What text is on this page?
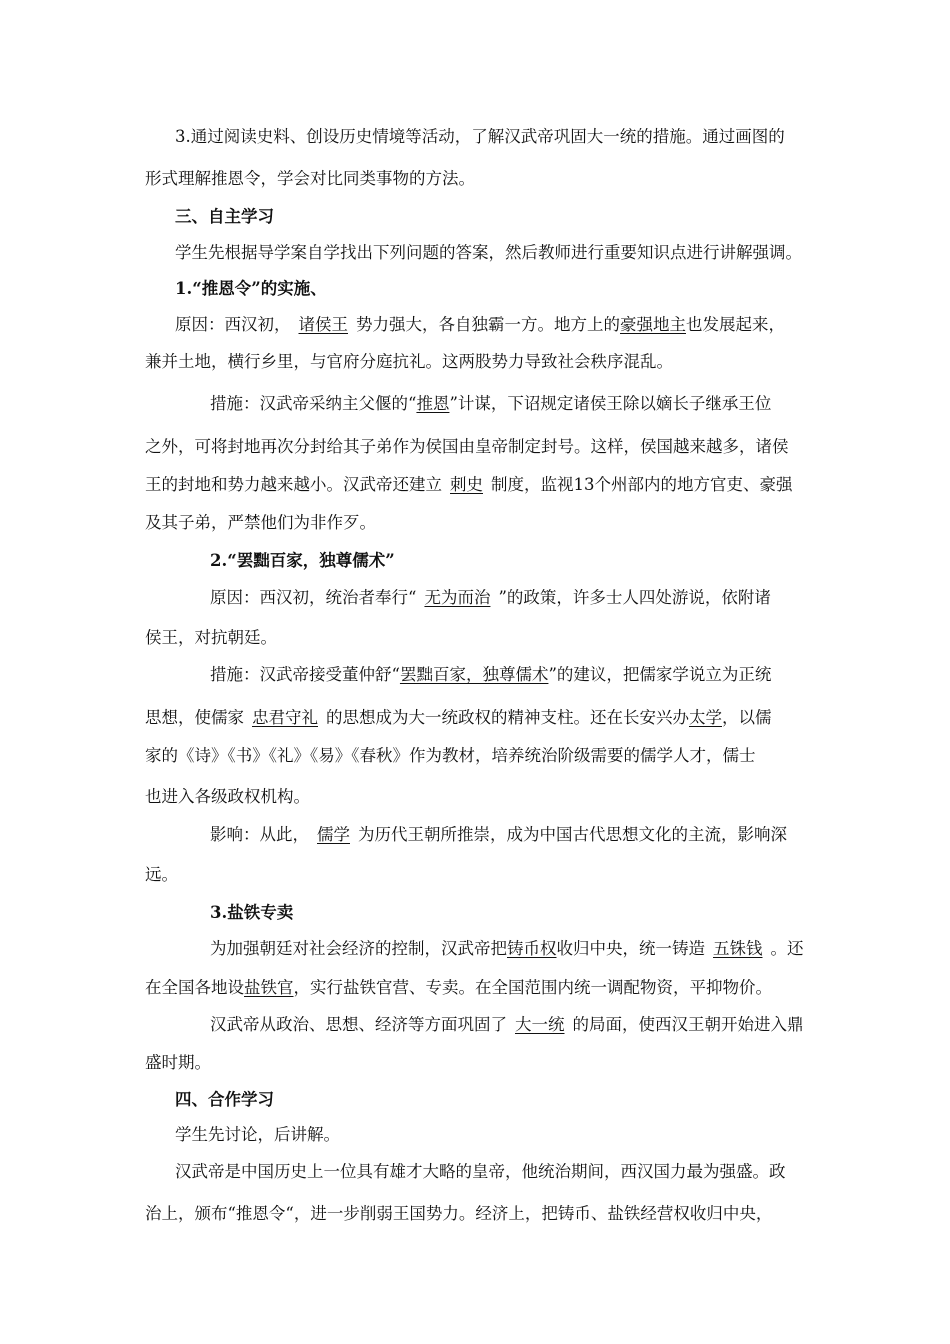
3.通过阅读史料、创设历史情境等活动，了解汉武帝巩固大一统的措施。通过画图的
形式理解推恩令，学会对比同类事物的方法。
三、自主学习
学生先根据导学案自学找出下列问题的答案，然后教师进行重要知识点进行讲解强调。
1.“推恩令”的实施、
原因：西汉初， 诸侯王 势力强大，各自独霸一方。地方上的豪强地主也发展起来，
兼并土地，横行乡里，与官府分庭抗礼。这两股势力导致社会秩序混乱。
措施：汉武帝采纳主父偃的“推恩”计谋，下诏规定诸侯王除以嫡长子继承王位
之外，可将封地再次分封给其子弟作为侯国由皇帝制定封号。这样，侯国越来越多，诸侯
王的封地和势力越来越小。汉武帝还建立 刺史 制度，监视13个州部内的地方官吏、豪强
及其子弟，严禁他们为非作歹。
2.“罢黜百家，独尊儒术”
原因：西汉初，统治者奉行“ 无为而治 ”的政策，许多士人四处游说，依附诸
侯王，对抗朝廷。
措施：汉武帝接受董仲舒“罢黜百家，独尊儒术”的建议，把儒家学说立为正统
思想，使儒家 忠君守礼 的思想成为大一统政权的精神支柱。还在长安兴办太学，以儒
家的《诗》《书》《礼》《易》《春秋》作为教材，培养统治阶级需要的儒学人才，儒士
也进入各级政权机构。
影响：从此， 儒学 为历代王朝所推崇，成为中国古代思想文化的主流，影响深
远。
3.盐铁专卖
为加强朝廷对社会经济的控制，汉武帝把铸币权收归中央，统一铸造 五铢钱 。还
在全国各地设盐铁官，实行盐铁官营、专卖。在全国范围内统一调配物资，平抑物价。
汉武帝从政治、思想、经济等方面巩固了 大一统 的局面，使西汉王朝开始进入鼎
盛时期。
四、合作学习
学生先讨论，后讲解。
汉武帝是中国历史上一位具有雄才大略的皇帝，他统治期间，西汉国力最为强盛。政
治上，颁布“推恩令“，进一步削弱王国势力。经济上，把铸币、盐铁经营权收归中央，
